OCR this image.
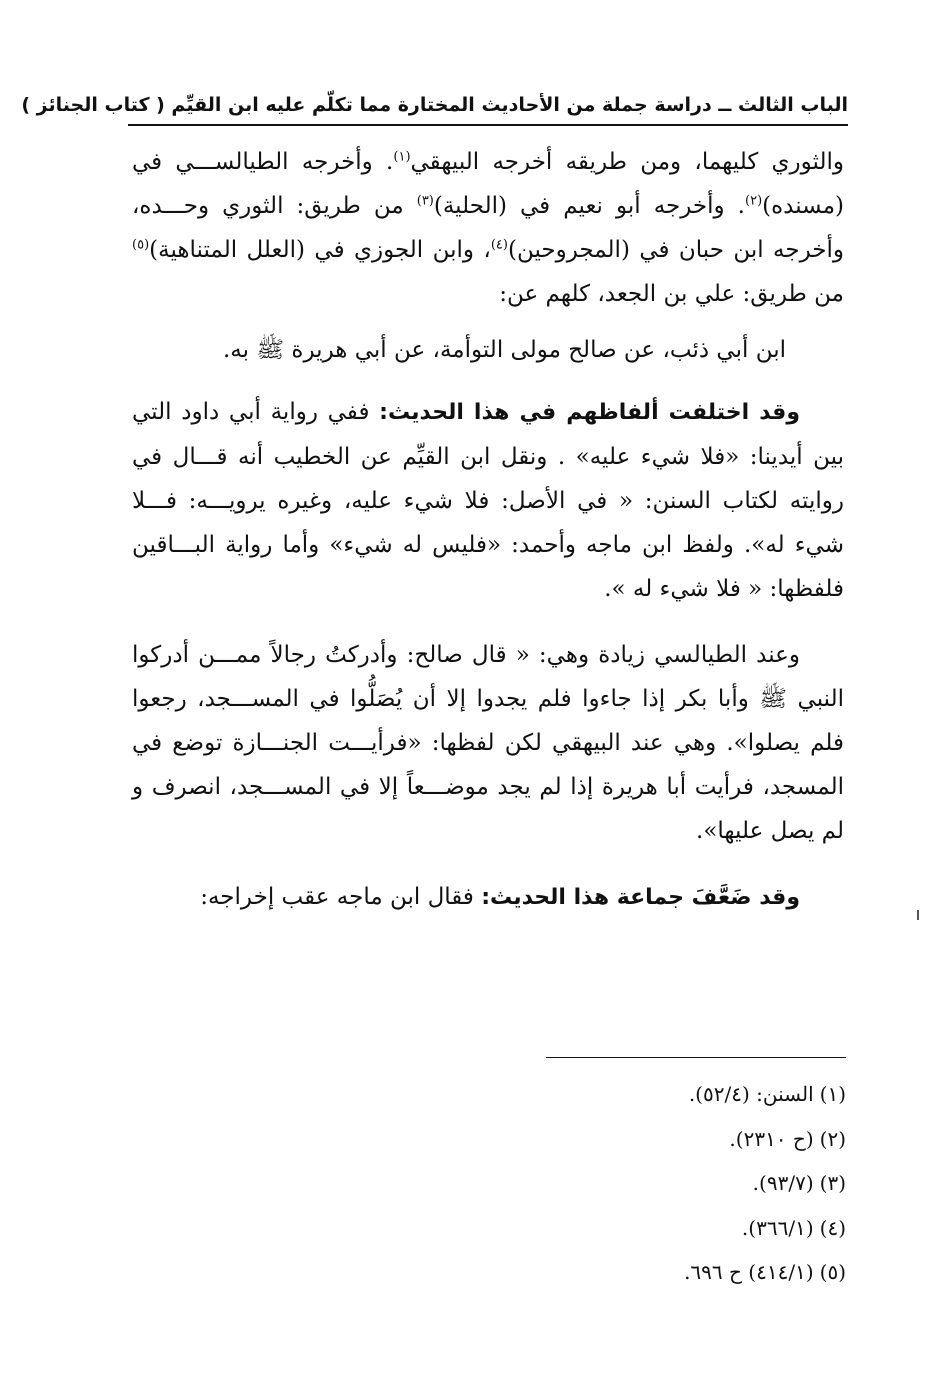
الباب الثالث ــ دراسة جملة من الأحاديث المختارة مما تكلّم عليه ابن القيِّم ( كتاب الجنائز )

والثوري كليهما، ومن طريقه أخرجه البيهقي$^{(١)}$. وأخرجه الطيالســـي في (مسنده)$^{(٢)}$. وأخرجه أبو نعيم في (الحلية)$^{(٣)}$ من طريق: الثوري وحـــده، وأخرجه ابن حبان في (المجروحين)$^{(٤)}$، وابن الجوزي في (العلل المتناهية)$^{(٥)}$ من طريق: علي بن الجعد، كلهم عن:

ابن أبي ذئب، عن صالح مولى التوأمة، عن أبي هريرة ﷺ به.

وقد اختلفت ألفاظهم في هذا الحديث: ففي رواية أبي داود التي بين أيدينا: «فلا شيء عليه» . ونقل ابن القيِّم عن الخطيب أنه قـــال في روايته لكتاب السنن: « في الأصل: فلا شيء عليه، وغيره يرويـــه: فـــلا شيء له». ولفظ ابن ماجه وأحمد: «فليس له شيء» وأما رواية البـــاقين فلفظها: « فلا شيء له ».

وعند الطيالسي زيادة وهي: « قال صالح: وأدركتُ رجالاً ممـــن أدركوا النبي ﷺ وأبا بكر إذا جاءوا فلم يجدوا إلا أن يُصَلُّوا في المســـجد، رجعوا فلم يصلوا». وهي عند البيهقي لكن لفظها: «فرأيـــت الجنـــازة توضع في المسجد، فرأيت أبا هريرة إذا لم يجد موضـــعاً إلا في المســـجد، انصرف و لم يصل عليها».

وقد ضَعَّفَ جماعة هذا الحديث: فقال ابن ماجه عقب إخراجه:

(١)السنن: (٥٢/٤).

(٢)(ح ٢٣١٠).

(٣)(٩٣/٧).

(٤)(٣٦٦/١).

(٥)(٤١٤/١) ح ٦٩٦.
